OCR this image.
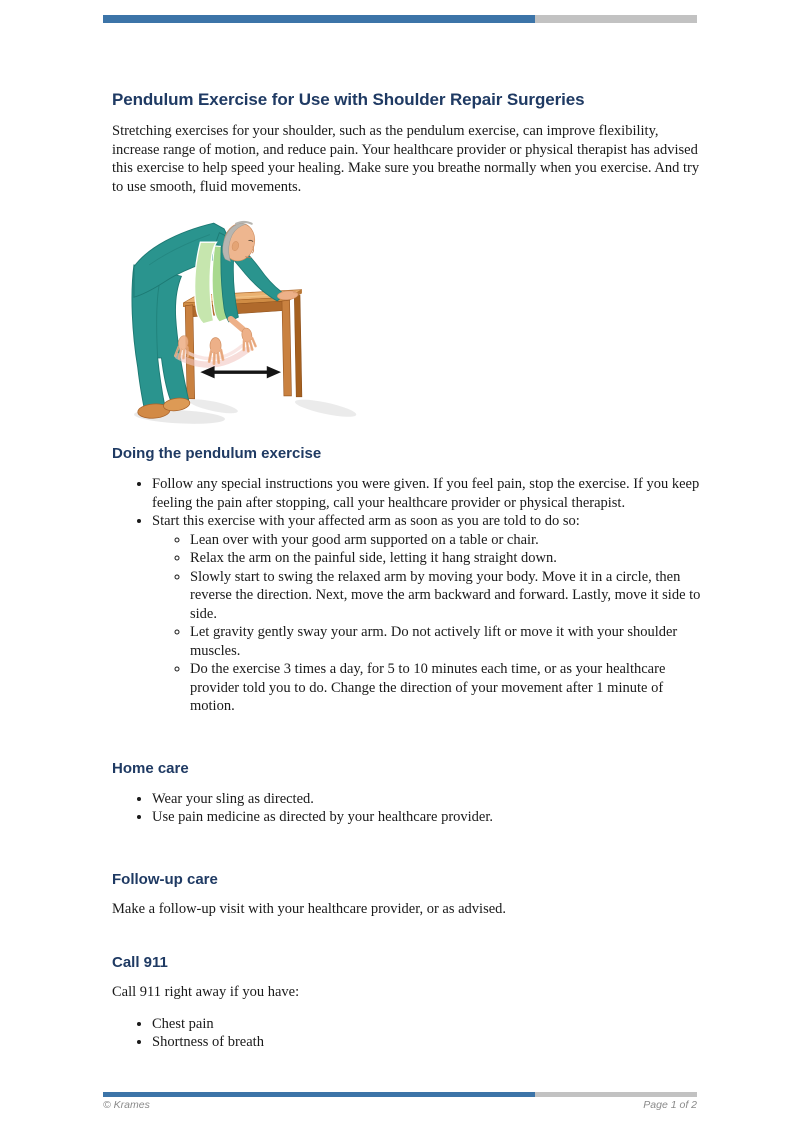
Pendulum Exercise for Use with Shoulder Repair Surgeries

Stretching exercises for your shoulder, such as the pendulum exercise, can improve flexibility, increase range of motion, and reduce pain. Your healthcare provider or physical therapist has advised this exercise to help speed your healing. Make sure you breathe normally when you exercise. And try to use smooth, fluid movements.

Doing the pendulum exercise
• Follow any special instructions you were given. If you feel pain, stop the exercise. If you keep feeling the pain after stopping, call your healthcare provider or physical therapist.
• Start this exercise with your affected arm as soon as you are told to do so:
◦ Lean over with your good arm supported on a table or chair.
◦ Relax the arm on the painful side, letting it hang straight down.
◦ Slowly start to swing the relaxed arm by moving your body. Move it in a circle, then reverse the direction. Next, move the arm backward and forward. Lastly, move it side to side.
◦ Let gravity gently sway your arm. Do not actively lift or move it with your shoulder muscles.
◦ Do the exercise 3 times a day, for 5 to 10 minutes each time, or as your healthcare provider told you to do. Change the direction of your movement after 1 minute of motion.
Home care
• Wear your sling as directed.
• Use pain medicine as directed by your healthcare provider.
Follow-up care

Make a follow-up visit with your healthcare provider, or as advised.

Call 911

Call 911 right away if you have:

• Chest pain
• Shortness of breath
© Krames	Page 1 of 2
